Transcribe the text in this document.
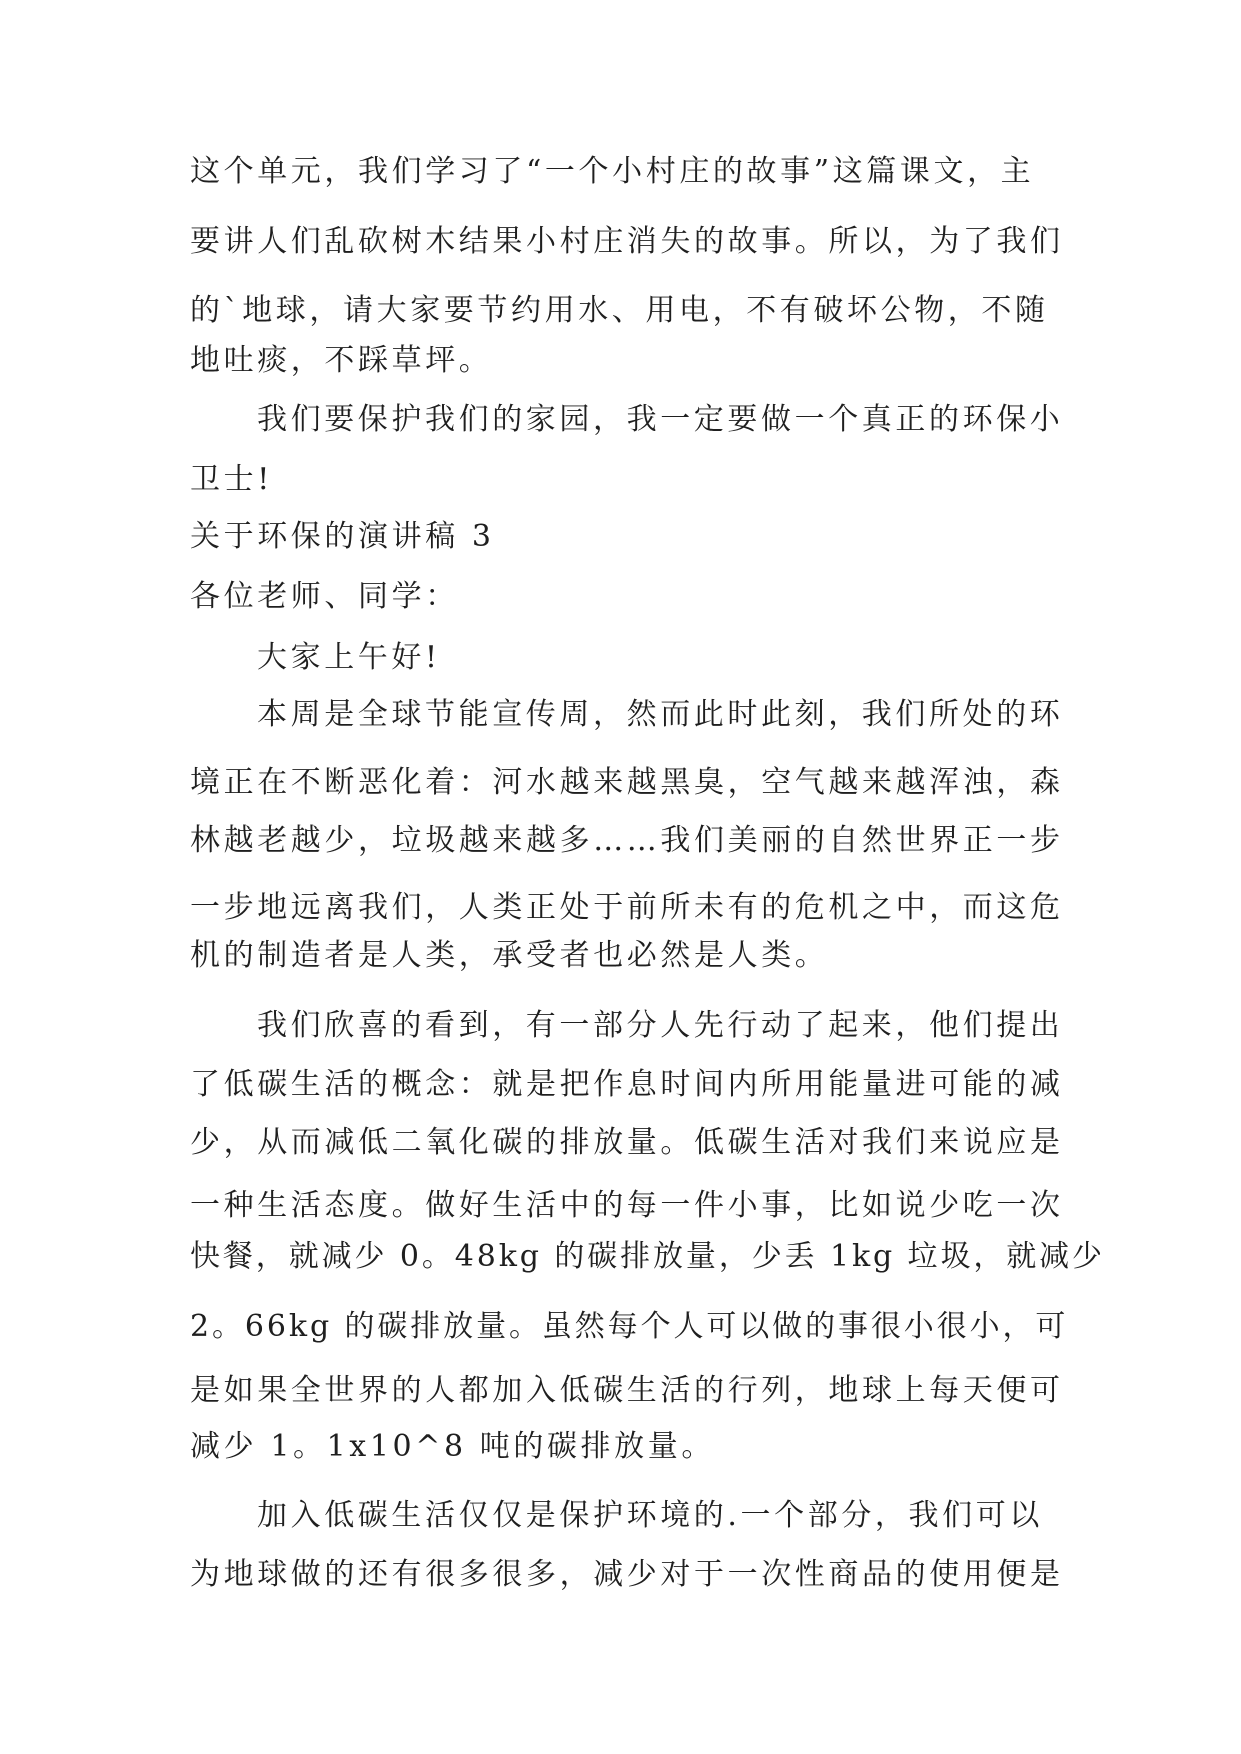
这个单元，我们学习了“一个小村庄的故事”这篇课文，主
要讲人们乱砍树木结果小村庄消失的故事。所以，为了我们
的`地球，请大家要节约用水、用电，不有破坏公物，不随
地吐痰，不踩草坪。
我们要保护我们的家园，我一定要做一个真正的环保小
卫士!
关于环保的演讲稿 3
各位老师、同学：
大家上午好!
本周是全球节能宣传周，然而此时此刻，我们所处的环
境正在不断恶化着：河水越来越黑臭，空气越来越浑浊，森
林越老越少，垃圾越来越多……我们美丽的自然世界正一步
一步地远离我们，人类正处于前所未有的危机之中，而这危
机的制造者是人类，承受者也必然是人类。
我们欣喜的看到，有一部分人先行动了起来，他们提出
了低碳生活的概念：就是把作息时间内所用能量进可能的减
少，从而减低二氧化碳的排放量。低碳生活对我们来说应是
一种生活态度。做好生活中的每一件小事，比如说少吃一次
快餐，就减少 0。48kg 的碳排放量，少丢 1kg 垃圾，就减少
2。66kg 的碳排放量。虽然每个人可以做的事很小很小，可
是如果全世界的人都加入低碳生活的行列，地球上每天便可
减少 1。1x10^8 吨的碳排放量。
加入低碳生活仅仅是保护环境的.一个部分，我们可以
为地球做的还有很多很多，减少对于一次性商品的使用便是
